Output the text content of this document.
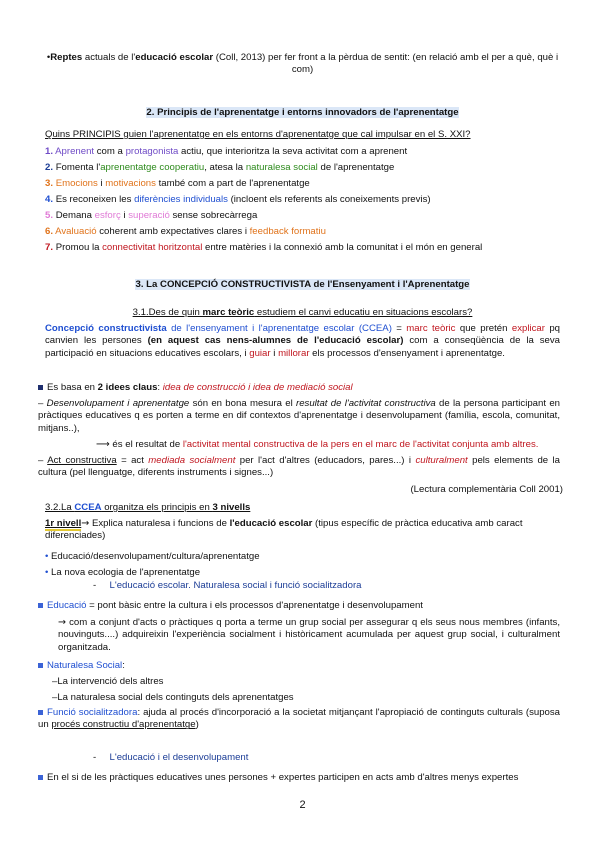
•Reptes actuals de l'educació escolar (Coll, 2013) per fer front a la pèrdua de sentit: (en relació amb el per a què, què i com)
2. Principis de l'aprenentatge i entorns innovadors de l'aprenentatge
Quins PRINCIPIS guien l'aprenentatge en els entorns d'aprenentatge que cal impulsar en el S. XXI?
1. Aprenent com a protagonista actiu, que interioritza la seva activitat com a aprenent
2. Fomenta l'aprenentatge cooperatiu, atesa la naturalesa social de l'aprenentatge
3. Emocions i motivacions també com a part de l'aprenentatge
4. Es reconeixen les diferències individuals (incloent els referents als coneixements previs)
5. Demana esforç i superació sense sobrecàrrega
6. Avaluació coherent amb expectatives clares i feedback formatiu
7. Promou la connectivitat horitzontal entre matèries i la connexió amb la comunitat i el món en general
3. La CONCEPCIÓ CONSTRUCTIVISTA de l'Ensenyament i l'Aprenentatge
3.1.Des de quin marc teòric estudiem el canvi educatiu en situacions escolars?
Concepció constructivista de l'ensenyament i l'aprenentatge escolar (CCEA) = marc teòric que pretén explicar pq canvien les persones (en aquest cas nens-alumnes de l'educació escolar) com a conseqüència de la seva participació en situacions educatives escolars, i guiar i millorar els processos d'ensenyament i aprenentatge.
Es basa en 2 idees claus: idea de construcció i idea de mediació social
– Desenvolupament i aprenentatge són en bona mesura el resultat de l'activitat constructiva de la persona participant en pràctiques educatives q es porten a terme en dif contextos d'aprenentatge i desenvolupament (família, escola, comunitat, mitjans..),
⟶ és el resultat de l'activitat mental constructiva de la pers en el marc de l'activitat conjunta amb altres.
– Act constructiva = act mediada socialment per l'act d'altres (educadors, pares...) i culturalment pels elements de la cultura (pel llenguatge, diferents instruments i signes...)
(Lectura complementària Coll 2001)
3.2.La CCEA organitza els principis en 3 nivells
1r nivell→ Explica naturalesa i funcions de l'educació escolar (tipus específic de pràctica educativa amb caract diferenciades)
• Educació/desenvolupament/cultura/aprenentatge
• La nova ecologia de l'aprenentatge
- L'educació escolar. Naturalesa social i funció socialitzadora
Educació = pont bàsic entre la cultura i els processos d'aprenentatge i desenvolupament
→ com a conjunt d'acts o pràctiques q porta a terme un grup social per assegurar q els seus nous membres (infants, nouvinguts....) adquireixin l'experiència socialment i històricament acumulada per aquest grup social, i culturalment organitzada.
Naturalesa Social:
–La intervenció dels altres
–La naturalesa social dels continguts dels aprenentatges
Funció socialitzadora: ajuda al procés d'incorporació a la societat mitjançant l'apropiació de continguts culturals (suposa un procés constructiu d'aprenentatge)
- L'educació i el desenvolupament
En el si de les pràctiques educatives unes persones + expertes participen en acts amb d'altres menys expertes
2
